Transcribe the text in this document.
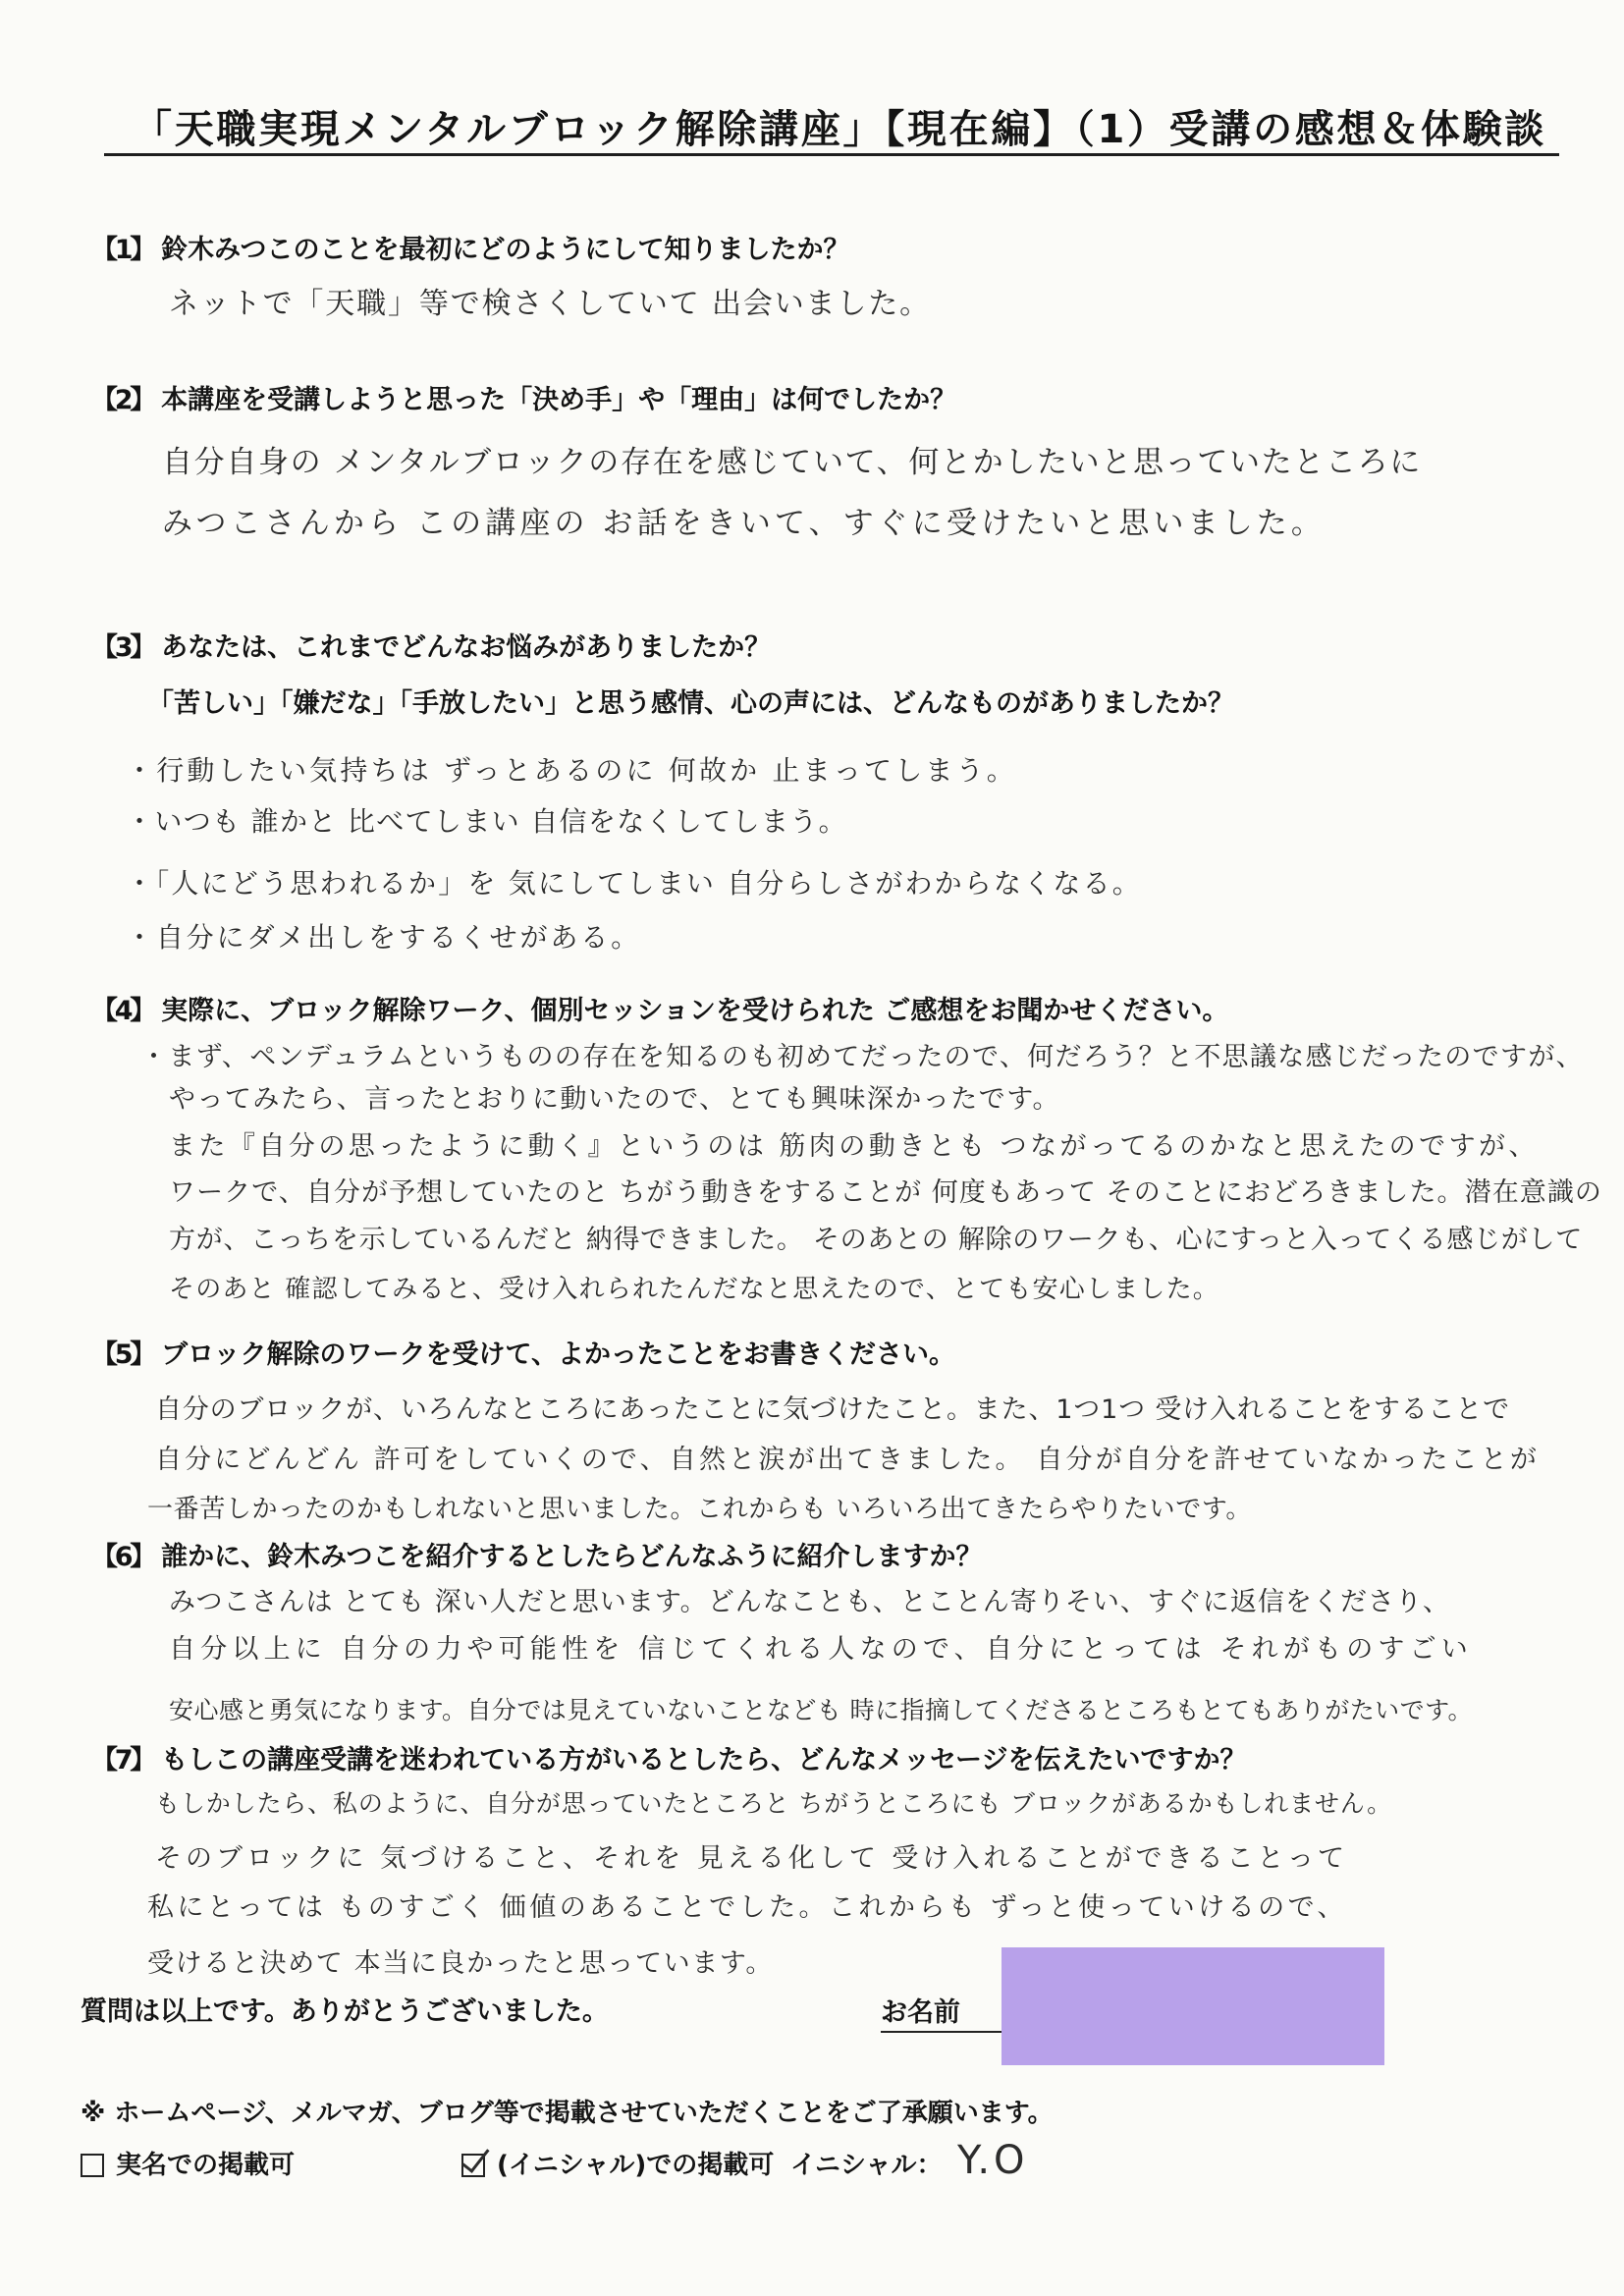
「天職実現メンタルブロック解除講座」【現在編】（1）受講の感想＆体験談
【1】 鈴木みつこのことを最初にどのようにして知りましたか？
ネットで「天職」等で検さくしていて 出会いました。
【2】 本講座を受講しようと思った「決め手」や「理由」は何でしたか？
自分自身の メンタルブロックの存在を感じていて、何とかしたいと思っていたところに
みつこさんから この講座の お話をきいて、すぐに受けたいと思いました。
【3】 あなたは、これまでどんなお悩みがありましたか？
「苦しい」「嫌だな」「手放したい」と思う感情、心の声には、どんなものがありましたか？
・行動したい気持ちは ずっとあるのに 何故か 止まってしまう。
・いつも 誰かと 比べてしまい 自信をなくしてしまう。
・「人にどう思われるか」を 気にしてしまい 自分らしさがわからなくなる。
・自分にダメ出しをするくせがある。
【4】 実際に、ブロック解除ワーク、個別セッションを受けられた ご感想をお聞かせください。
・まず、ペンデュラムというものの存在を知るのも初めてだったので、何だろう？と不思議な感じだったのですが、
やってみたら、言ったとおりに動いたので、とても興味深かったです。
また『自分の思ったように動く』というのは 筋肉の動きとも つながってるのかなと思えたのですが、
ワークで、自分が予想していたのと ちがう動きをすることが 何度もあって そのことにおどろきました。潜在意識の
方が、こっちを示しているんだと 納得できました。 そのあとの 解除のワークも、心にすっと入ってくる感じがして
そのあと 確認してみると、受け入れられたんだなと思えたので、とても安心しました。
【5】 ブロック解除のワークを受けて、よかったことをお書きください。
自分のブロックが、いろんなところにあったことに気づけたこと。また、1つ1つ 受け入れることをすることで
自分にどんどん 許可をしていくので、自然と涙が出てきました。 自分が自分を許せていなかったことが
一番苦しかったのかもしれないと思いました。これからも いろいろ出てきたらやりたいです。
【6】 誰かに、鈴木みつこを紹介するとしたらどんなふうに紹介しますか？
みつこさんは とても 深い人だと思います。どんなことも、とことん寄りそい、すぐに返信をくださり、
自分以上に 自分の力や可能性を 信じてくれる人なので、自分にとっては それがものすごい
安心感と勇気になります。自分では見えていないことなども 時に指摘してくださるところもとてもありがたいです。
【7】 もしこの講座受講を迷われている方がいるとしたら、どんなメッセージを伝えたいですか？
もしかしたら、私のように、自分が思っていたところと ちがうところにも ブロックがあるかもしれません。
そのブロックに 気づけること、それを 見える化して 受け入れることができることって
私にとっては ものすごく 価値のあることでした。これからも ずっと使っていけるので、
受けると決めて 本当に良かったと思っています。
質問は以上です。ありがとうございました。	お名前
※ ホームページ、メルマガ、ブログ等で掲載させていただくことをご了承願います。
実名での掲載可	(イニシャル)での掲載可 イニシャル： Y.O
